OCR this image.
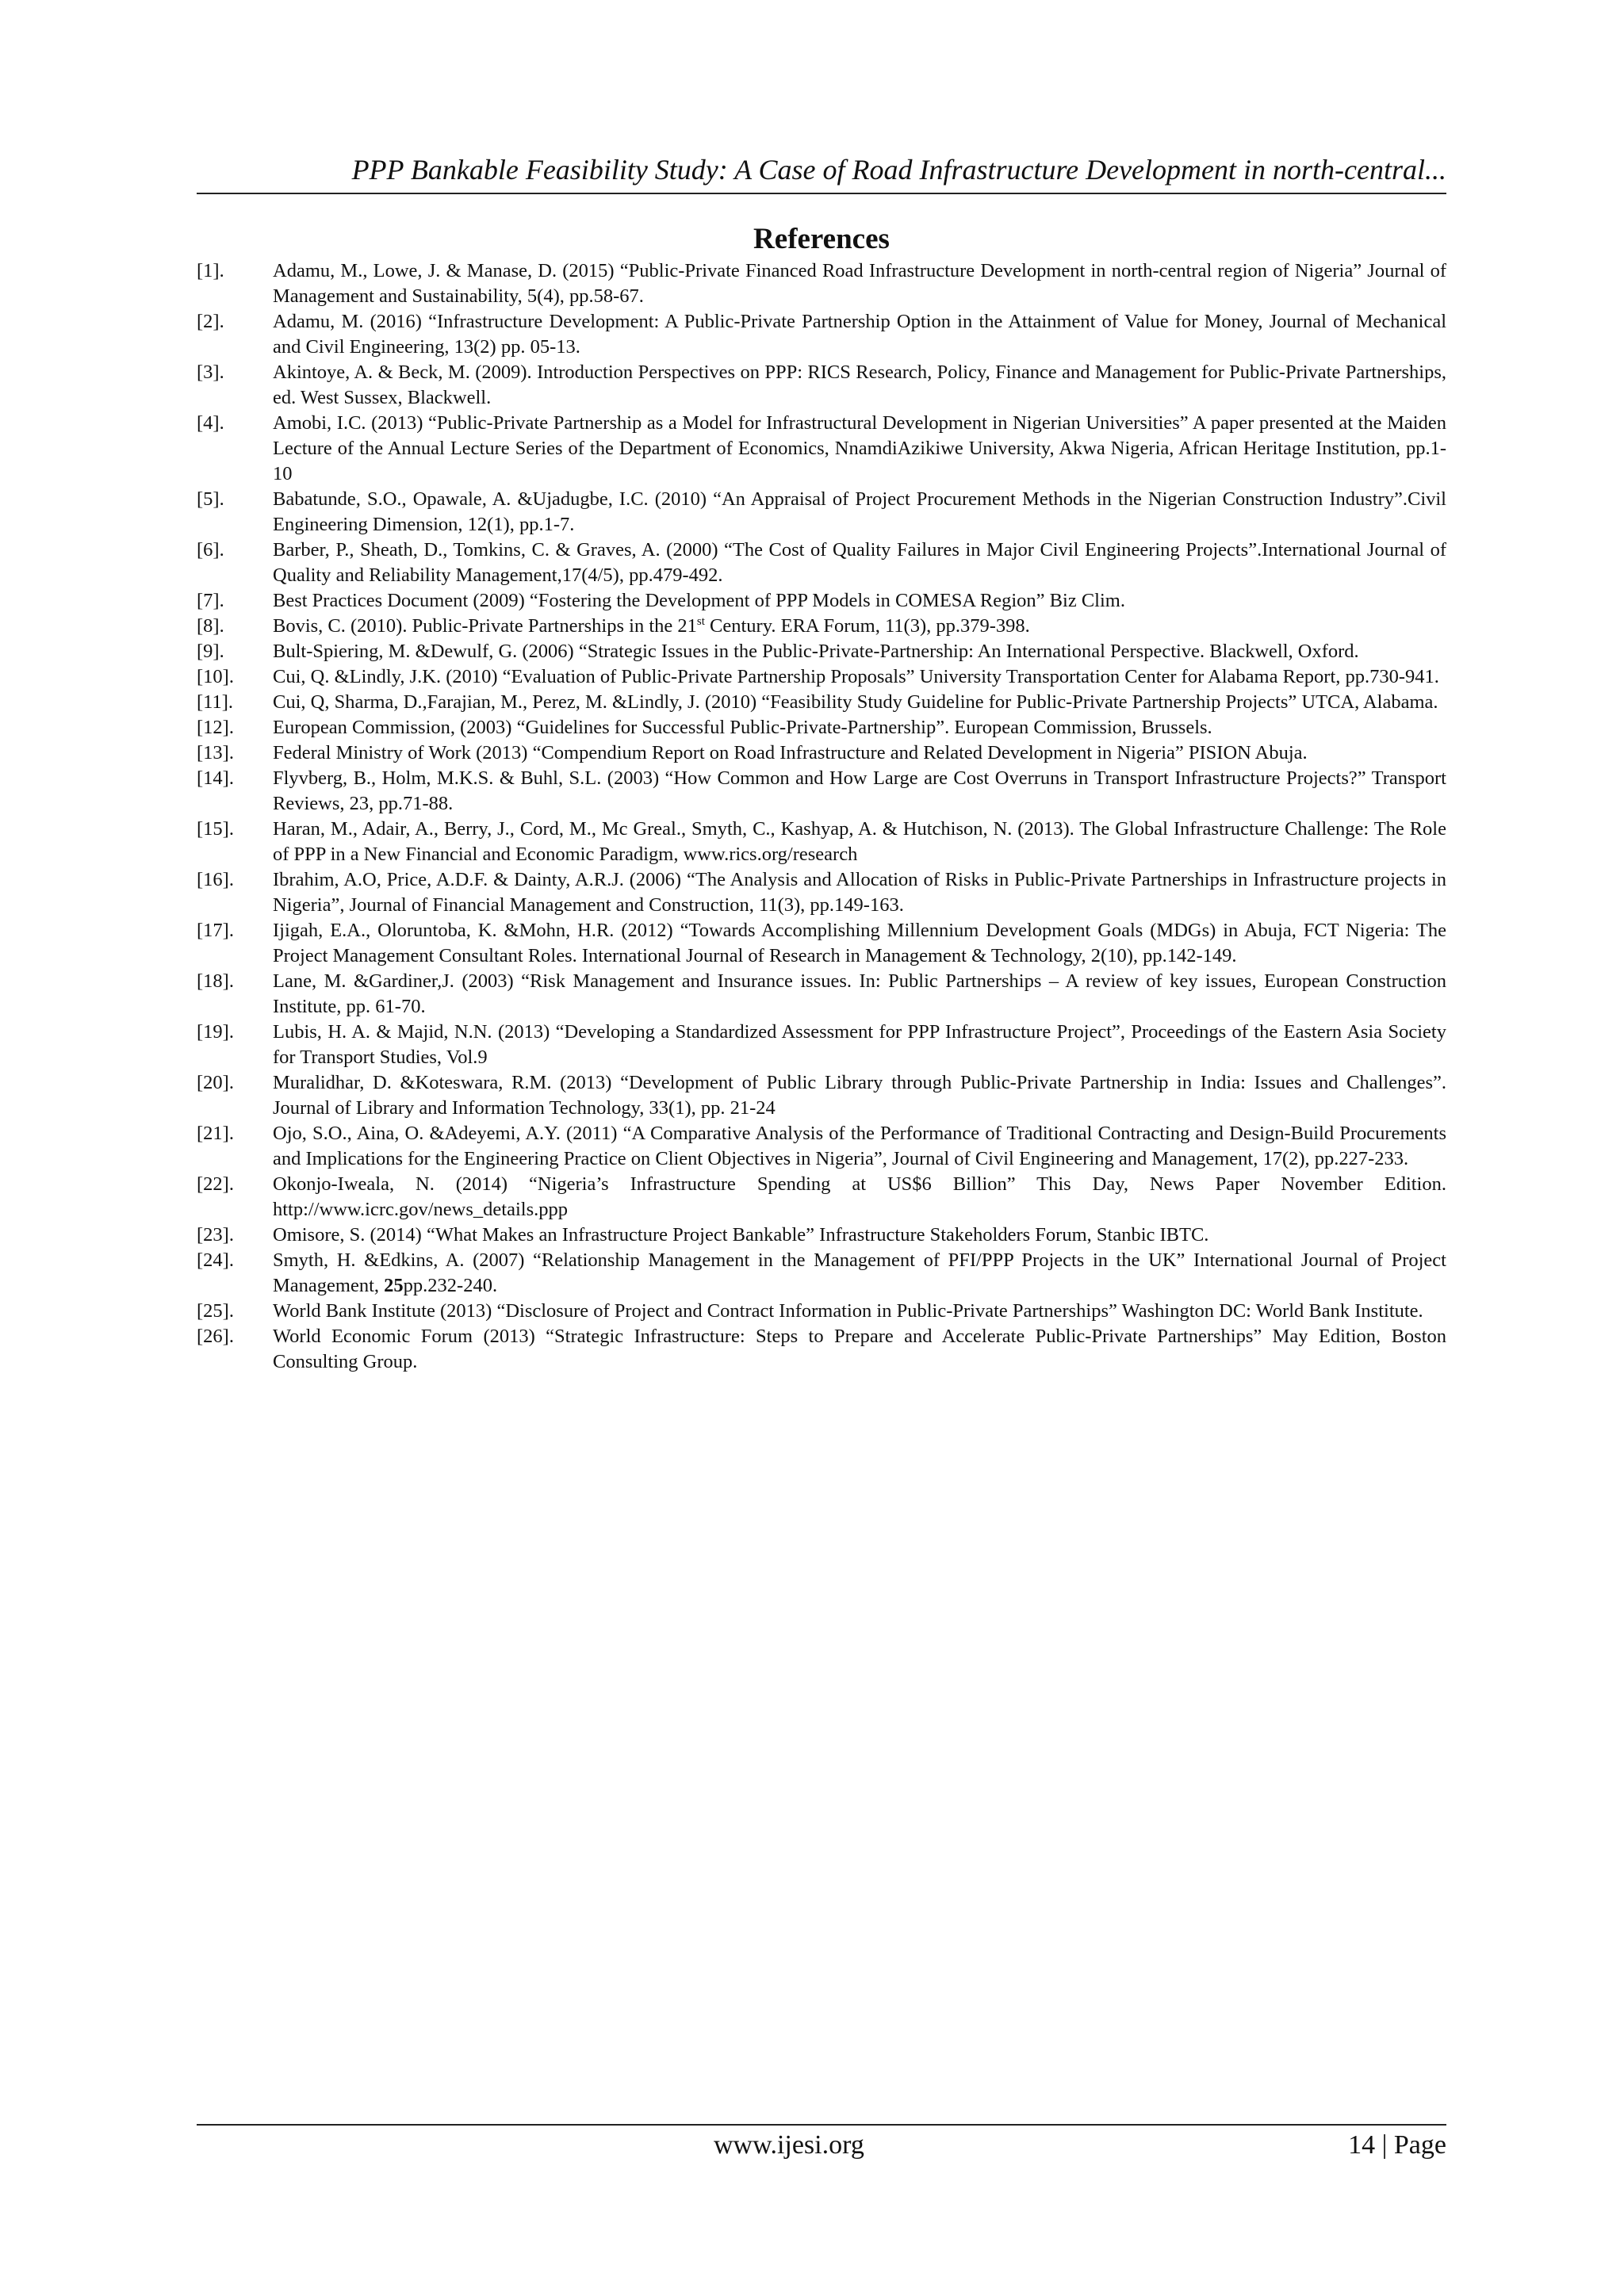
PPP Bankable Feasibility Study: A Case of Road Infrastructure Development in north-central...
References
[1].	Adamu, M., Lowe, J. & Manase, D. (2015) “Public-Private Financed Road Infrastructure Development in north-central region of Nigeria” Journal of Management and Sustainability, 5(4), pp.58-67.
[2].	Adamu, M. (2016) “Infrastructure Development: A Public-Private Partnership Option in the Attainment of Value for Money, Journal of Mechanical and Civil Engineering, 13(2) pp. 05-13.
[3].	Akintoye, A. & Beck, M. (2009). Introduction Perspectives on PPP: RICS Research, Policy, Finance and Management for Public-Private Partnerships, ed. West Sussex, Blackwell.
[4].	Amobi, I.C. (2013) “Public-Private Partnership as a Model for Infrastructural Development in Nigerian Universities” A paper presented at the Maiden Lecture of the Annual Lecture Series of the Department of Economics, NnamdiAzikiwe University, Akwa Nigeria, African Heritage Institution, pp.1-10
[5].	Babatunde, S.O., Opawale, A. &Ujadugbe, I.C. (2010) “An Appraisal of Project Procurement Methods in the Nigerian Construction Industry”.Civil Engineering Dimension, 12(1), pp.1-7.
[6].	Barber, P., Sheath, D., Tomkins, C. & Graves, A. (2000) “The Cost of Quality Failures in Major Civil Engineering Projects”.International Journal of Quality and Reliability Management,17(4/5), pp.479-492.
[7].	Best Practices Document (2009) “Fostering the Development of PPP Models in COMESA Region” Biz Clim.
[8].	Bovis, C. (2010). Public-Private Partnerships in the 21st Century. ERA Forum, 11(3), pp.379-398.
[9].	Bult-Spiering, M. &Dewulf, G. (2006) “Strategic Issues in the Public-Private-Partnership: An International Perspective. Blackwell, Oxford.
[10]. Cui, Q. &Lindly, J.K. (2010) “Evaluation of Public-Private Partnership Proposals” University Transportation Center for Alabama Report, pp.730-941.
[11]. Cui, Q, Sharma, D.,Farajian, M., Perez, M. &Lindly, J. (2010) “Feasibility Study Guideline for Public-Private Partnership Projects” UTCA, Alabama.
[12]. European Commission, (2003) “Guidelines for Successful Public-Private-Partnership”. European Commission, Brussels.
[13]. Federal Ministry of Work (2013) “Compendium Report on Road Infrastructure and Related Development in Nigeria” PISION Abuja.
[14]. Flyvberg, B., Holm, M.K.S. & Buhl, S.L. (2003) “How Common and How Large are Cost Overruns in Transport Infrastructure Projects?” Transport Reviews, 23, pp.71-88.
[15]. Haran, M., Adair, A., Berry, J., Cord, M., Mc Greal., Smyth, C., Kashyap, A. & Hutchison, N. (2013). The Global Infrastructure Challenge: The Role of PPP in a New Financial and Economic Paradigm, www.rics.org/research
[16]. Ibrahim, A.O, Price, A.D.F. & Dainty, A.R.J. (2006) “The Analysis and Allocation of Risks in Public-Private Partnerships in Infrastructure projects in Nigeria”, Journal of Financial Management and Construction, 11(3), pp.149-163.
[17]. Ijigah, E.A., Oloruntoba, K. &Mohn, H.R. (2012) “Towards Accomplishing Millennium Development Goals (MDGs) in Abuja, FCT Nigeria: The Project Management Consultant Roles. International Journal of Research in Management & Technology, 2(10), pp.142-149.
[18]. Lane, M. &Gardiner,J. (2003) “Risk Management and Insurance issues. In: Public Partnerships – A review of key issues, European Construction Institute, pp. 61-70.
[19]. Lubis, H. A. & Majid, N.N. (2013) “Developing a Standardized Assessment for PPP Infrastructure Project”, Proceedings of the Eastern Asia Society for Transport Studies, Vol.9
[20]. Muralidhar, D. &Koteswara, R.M. (2013) “Development of Public Library through Public-Private Partnership in India: Issues and Challenges”. Journal of Library and Information Technology, 33(1), pp. 21-24
[21]. Ojo, S.O., Aina, O. &Adeyemi, A.Y. (2011) “A Comparative Analysis of the Performance of Traditional Contracting and Design-Build Procurements and Implications for the Engineering Practice on Client Objectives in Nigeria”, Journal of Civil Engineering and Management, 17(2), pp.227-233.
[22]. Okonjo-Iweala, N. (2014) “Nigeria’s Infrastructure Spending at US$6 Billion” This Day, News Paper November Edition. http://www.icrc.gov/news_details.ppp
[23]. Omisore, S. (2014) “What Makes an Infrastructure Project Bankable” Infrastructure Stakeholders Forum, Stanbic IBTC.
[24]. Smyth, H. &Edkins, A. (2007) “Relationship Management in the Management of PFI/PPP Projects in the UK” International Journal of Project Management, 25pp.232-240.
[25]. World Bank Institute (2013) “Disclosure of Project and Contract Information in Public-Private Partnerships” Washington DC: World Bank Institute.
[26]. World Economic Forum (2013) “Strategic Infrastructure: Steps to Prepare and Accelerate Public-Private Partnerships” May Edition, Boston Consulting Group.
www.ijesi.org	14 | Page
